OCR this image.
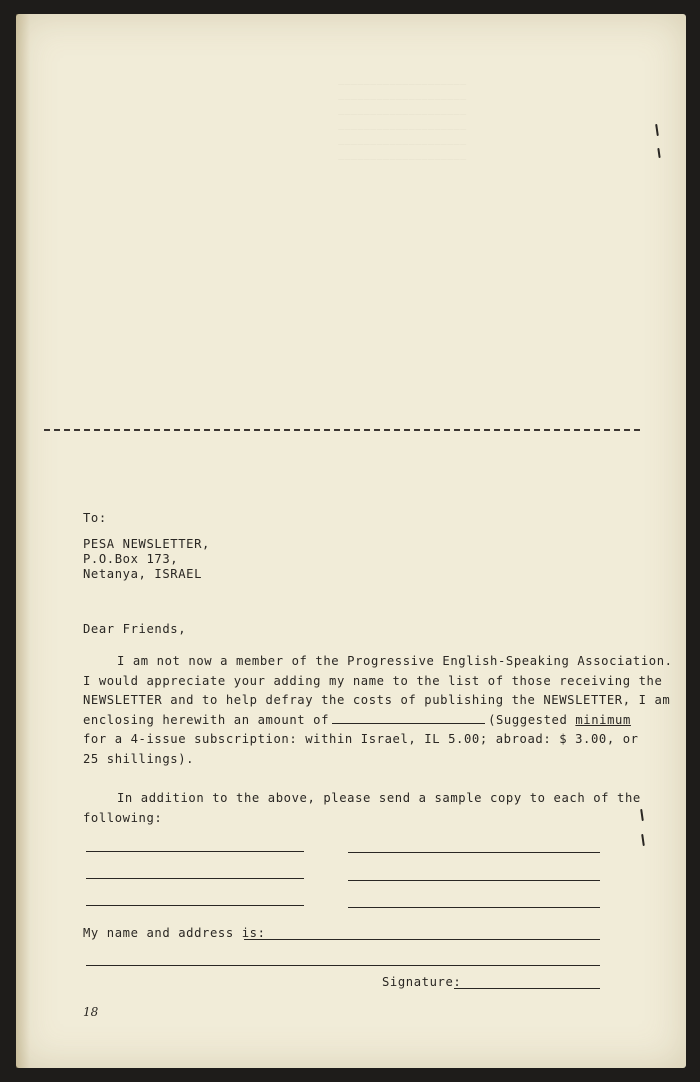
____________________
____________________
____________________
____________________
____________________
____________________
To:
PESA NEWSLETTER,
P.O.Box 173,
Netanya, ISRAEL
Dear Friends,
I am not now a member of the Progressive English-Speaking Association.
I would appreciate your adding my name to the list of those receiving the
NEWSLETTER and to help defray the costs of publishing the NEWSLETTER, I am
enclosing herewith an amount of	(Suggested minimum
for a 4-issue subscription: within Israel, IL 5.00; abroad: $ 3.00, or
25 shillings).
In addition to the above, please send a sample copy to each of the
following:
My name and address is:
Signature:
18
